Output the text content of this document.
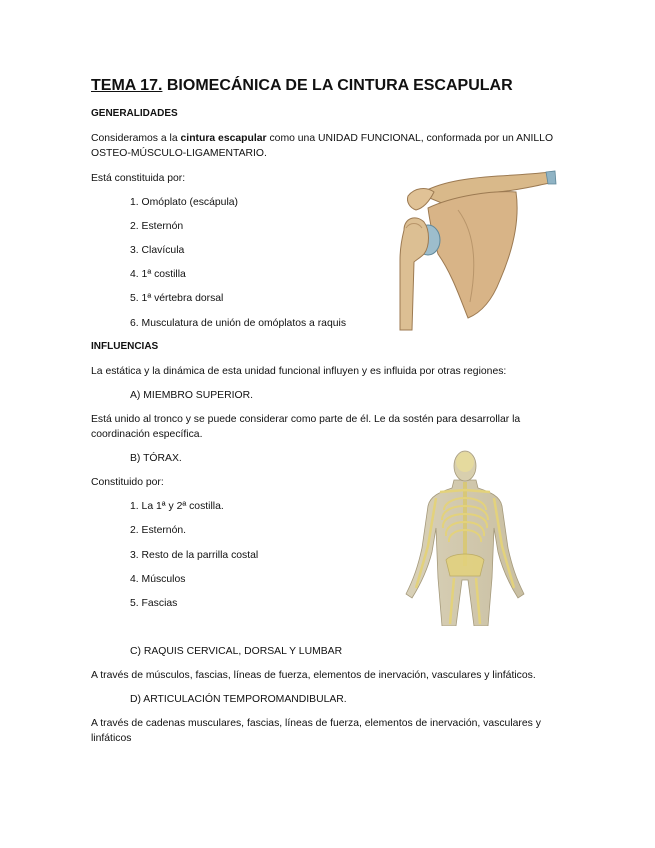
TEMA 17. BIOMECÁNICA DE LA CINTURA ESCAPULAR
GENERALIDADES
Consideramos a la cintura escapular como una UNIDAD FUNCIONAL, conformada por un ANILLO
OSTEO-MÚSCULO-LIGAMENTARIO.
Está constituida por:
1. Omóplato (escápula)
2. Esternón
3. Clavícula
4. 1ª costilla
5. 1ª vértebra dorsal
6. Musculatura de unión de omóplatos a raquis
INFLUENCIAS
La estática y la dinámica de esta unidad funcional influyen y es influida por otras regiones:
A) MIEMBRO SUPERIOR.
Está unido al tronco y se puede considerar como parte de él. Le da sostén para desarrollar la
coordinación específica.
B) TÓRAX.
Constituido por:
1. La 1ª y 2ª costilla.
2. Esternón.
3. Resto de la parrilla costal
4. Músculos
5. Fascias
C) RAQUIS CERVICAL, DORSAL Y LUMBAR
A través de músculos, fascias, líneas de fuerza, elementos de inervación, vasculares y linfáticos.
D) ARTICULACIÓN TEMPOROMANDIBULAR.
A través de cadenas musculares, fascias, líneas de fuerza, elementos de inervación, vasculares y
linfáticos
